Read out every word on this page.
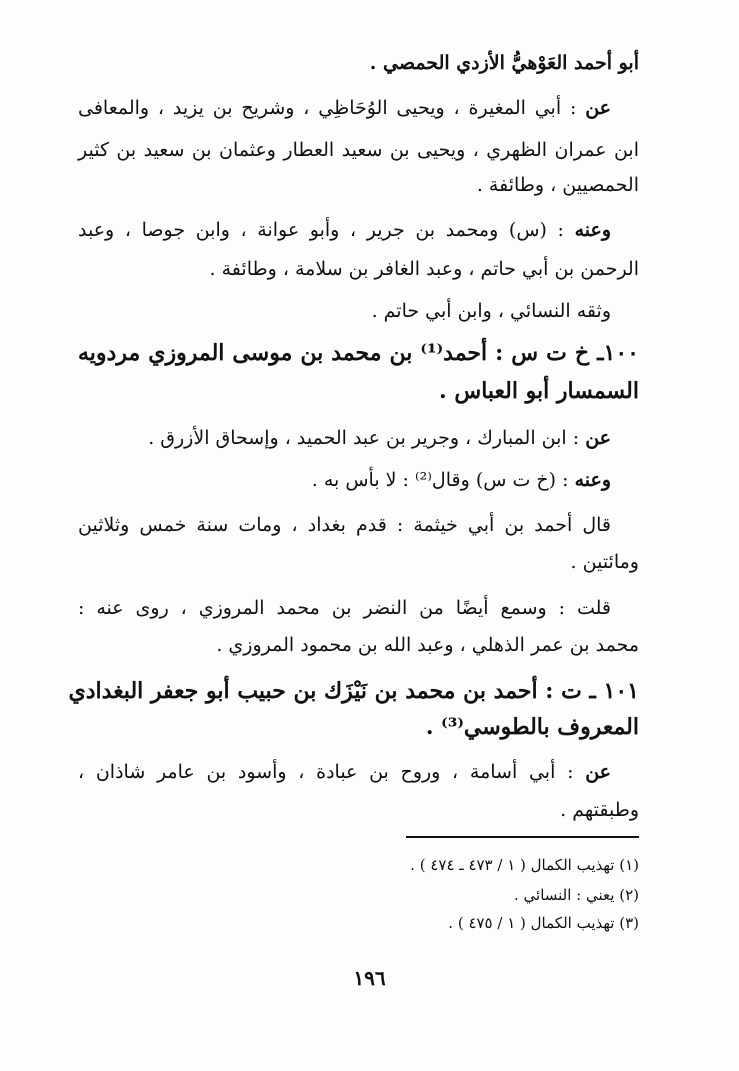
أبو أحمد العَوْهيُّ الأزدي الحمصي .
عن : أبي المغيرة ، ويحيى الوُحَاظِي ، وشريح بن يزيد ، والمعافى
ابن عمران الظهري ، ويحيى بن سعيد العطار وعثمان بن سعيد بن كثير
الحمصيين ، وطائفة .
وعنه : (س) ومحمد بن جرير ، وأبو عوانة ، وابن جوصا ، وعبد
الرحمن بن أبي حاتم ، وعبد الغافر بن سلامة ، وطائفة .
وثقه النسائي ، وابن أبي حاتم .
١٠٠ـ خ ت س : أحمد⁽¹⁾ بن محمد بن موسى المروزي مردويه
السمسار أبو العباس .
عن : ابن المبارك ، وجرير بن عبد الحميد ، وإسحاق الأزرق .
وعنه : (خ ت س) وقال⁽²⁾ : لا بأس به .
قال أحمد بن أبي خيثمة : قدم بغداد ، ومات سنة خمس وثلاثين
ومائتين .
قلت : وسمع أيضًا من النضر بن محمد المروزي ، روى عنه :
محمد بن عمر الذهلي ، وعبد الله بن محمود المروزي .
١٠١ ـ ت : أحمد بن محمد بن نَيْزَك بن حبيب أبو جعفر البغدادي
المعروف بالطوسي⁽³⁾ .
عن : أبي أسامة ، وروح بن عبادة ، وأسود بن عامر شاذان ،
وطبقتهم .
(١) تهذيب الكمال ( ١ / ٤٧٣ ـ ٤٧٤ ) .
(٢) يعني : النسائي .
(٣) تهذيب الكمال ( ١ / ٤٧٥ ) .
١٩٦
